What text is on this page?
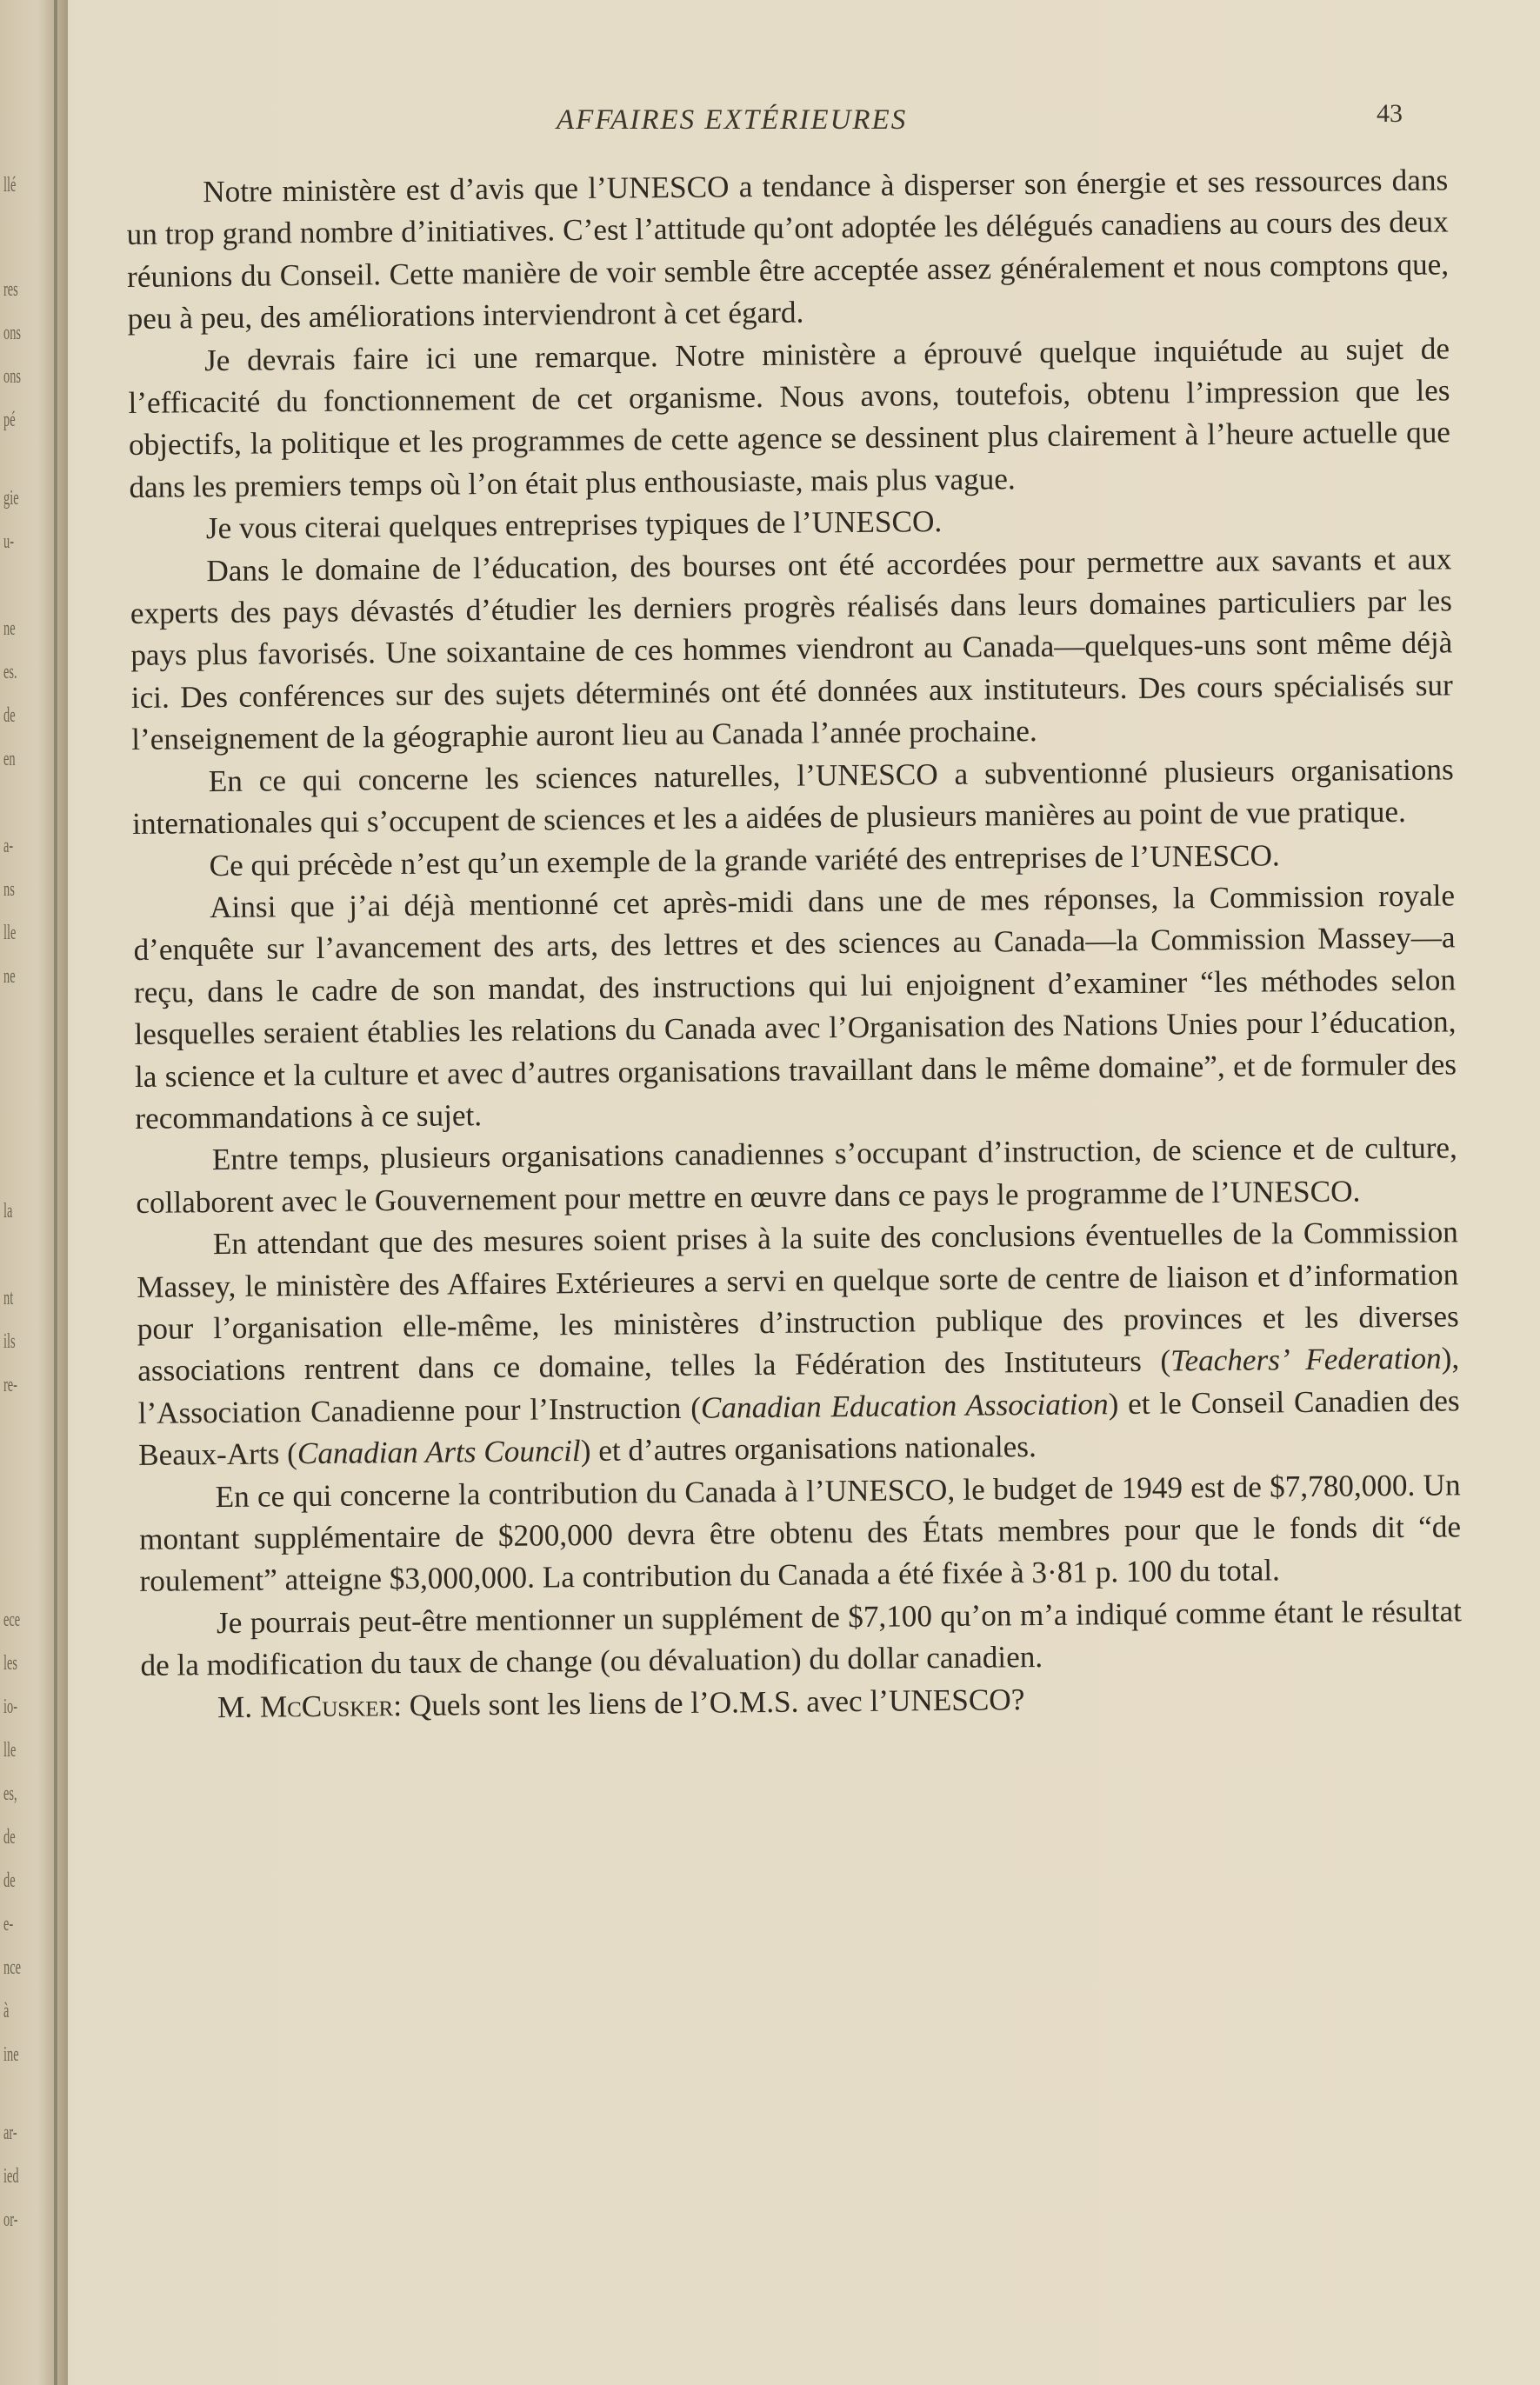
llé
res
ons
ons
pé
gie
u-
ne
es.
de
en
a-
ns
lle
ne
la
nt
ils
re-
ece
les
io-
lle
es,
de
de
e-
nce
à
ine
ar-
ied
or-
AFFAIRES EXTÉRIEURES	43

Notre ministère est d’avis que l’UNESCO a tendance à disperser son énergie et ses ressources dans un trop grand nombre d’initiatives. C’est l’attitude qu’ont adoptée les délégués canadiens au cours des deux réunions du Conseil. Cette manière de voir semble être acceptée assez généralement et nous comptons que, peu à peu, des améliorations interviendront à cet égard.

Je devrais faire ici une remarque. Notre ministère a éprouvé quelque inquiétude au sujet de l’efficacité du fonctionnement de cet organisme. Nous avons, toutefois, obtenu l’impression que les objectifs, la politique et les programmes de cette agence se dessinent plus clairement à l’heure actuelle que dans les premiers temps où l’on était plus enthousiaste, mais plus vague.

Je vous citerai quelques entreprises typiques de l’UNESCO.

Dans le domaine de l’éducation, des bourses ont été accordées pour permettre aux savants et aux experts des pays dévastés d’étudier les derniers progrès réalisés dans leurs domaines particuliers par les pays plus favorisés. Une soixantaine de ces hommes viendront au Canada—quelques-uns sont même déjà ici. Des conférences sur des sujets déterminés ont été données aux instituteurs. Des cours spécialisés sur l’enseignement de la géographie auront lieu au Canada l’année prochaine.

En ce qui concerne les sciences naturelles, l’UNESCO a subventionné plusieurs organisations internationales qui s’occupent de sciences et les a aidées de plusieurs manières au point de vue pratique.

Ce qui précède n’est qu’un exemple de la grande variété des entreprises de l’UNESCO.

Ainsi que j’ai déjà mentionné cet après-midi dans une de mes réponses, la Commission royale d’enquête sur l’avancement des arts, des lettres et des sciences au Canada—la Commission Massey—a reçu, dans le cadre de son mandat, des instructions qui lui enjoignent d’examiner “les méthodes selon lesquelles seraient établies les relations du Canada avec l’Organisation des Nations Unies pour l’éducation, la science et la culture et avec d’autres organisations travaillant dans le même domaine”, et de formuler des recommandations à ce sujet.

Entre temps, plusieurs organisations canadiennes s’occupant d’instruction, de science et de culture, collaborent avec le Gouvernement pour mettre en œuvre dans ce pays le programme de l’UNESCO.

En attendant que des mesures soient prises à la suite des conclusions éventuelles de la Commission Massey, le ministère des Affaires Extérieures a servi en quelque sorte de centre de liaison et d’information pour l’organisation elle-même, les ministères d’instruction publique des provinces et les diverses associations rentrent dans ce domaine, telles la Fédération des Instituteurs (Teachers’ Federation), l’Association Canadienne pour l’Instruction (Canadian Education Association) et le Conseil Canadien des Beaux-Arts (Canadian Arts Council) et d’autres organisations nationales.

En ce qui concerne la contribution du Canada à l’UNESCO, le budget de 1949 est de $7,780,000. Un montant supplémentaire de $200,000 devra être obtenu des États membres pour que le fonds dit “de roulement” atteigne $3,000,000. La contribution du Canada a été fixée à 3·81 p. 100 du total.

Je pourrais peut-être mentionner un supplément de $7,100 qu’on m’a indiqué comme étant le résultat de la modification du taux de change (ou dévaluation) du dollar canadien.

M. McCusker: Quels sont les liens de l’O.M.S. avec l’UNESCO?
